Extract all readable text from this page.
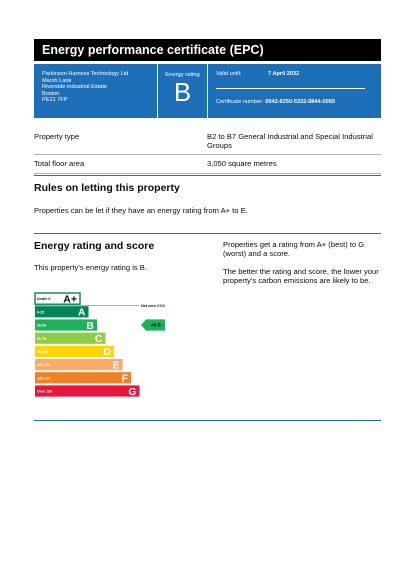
Energy performance certificate (EPC)
Parkinson Harness Technology Ltd
Marsh Lane
Riverside Industrial Estate
Boston
PE21 7FP
Energy rating
B
Valid until:	7 April 2032
Certificate number: 0042-6250-5332-9844-5050
Property type	B2 to B7 General Industrial and Special Industrial Groups
Total floor area	3,050 square metres
Rules on letting this property
Properties can be let if they have an energy rating from A+ to E.
Energy rating and score
This property’s energy rating is B.

Properties get a rating from A+ (best) to G (worst) and a score.

The better the rating and score, the lower your property’s carbon emissions are likely to be.

Under 0 A+
0-25	A
26-50	B
51-75	C
76-100	D
101-125	E
126-150	F
Over 150	G
Net zero CO2
48 B
